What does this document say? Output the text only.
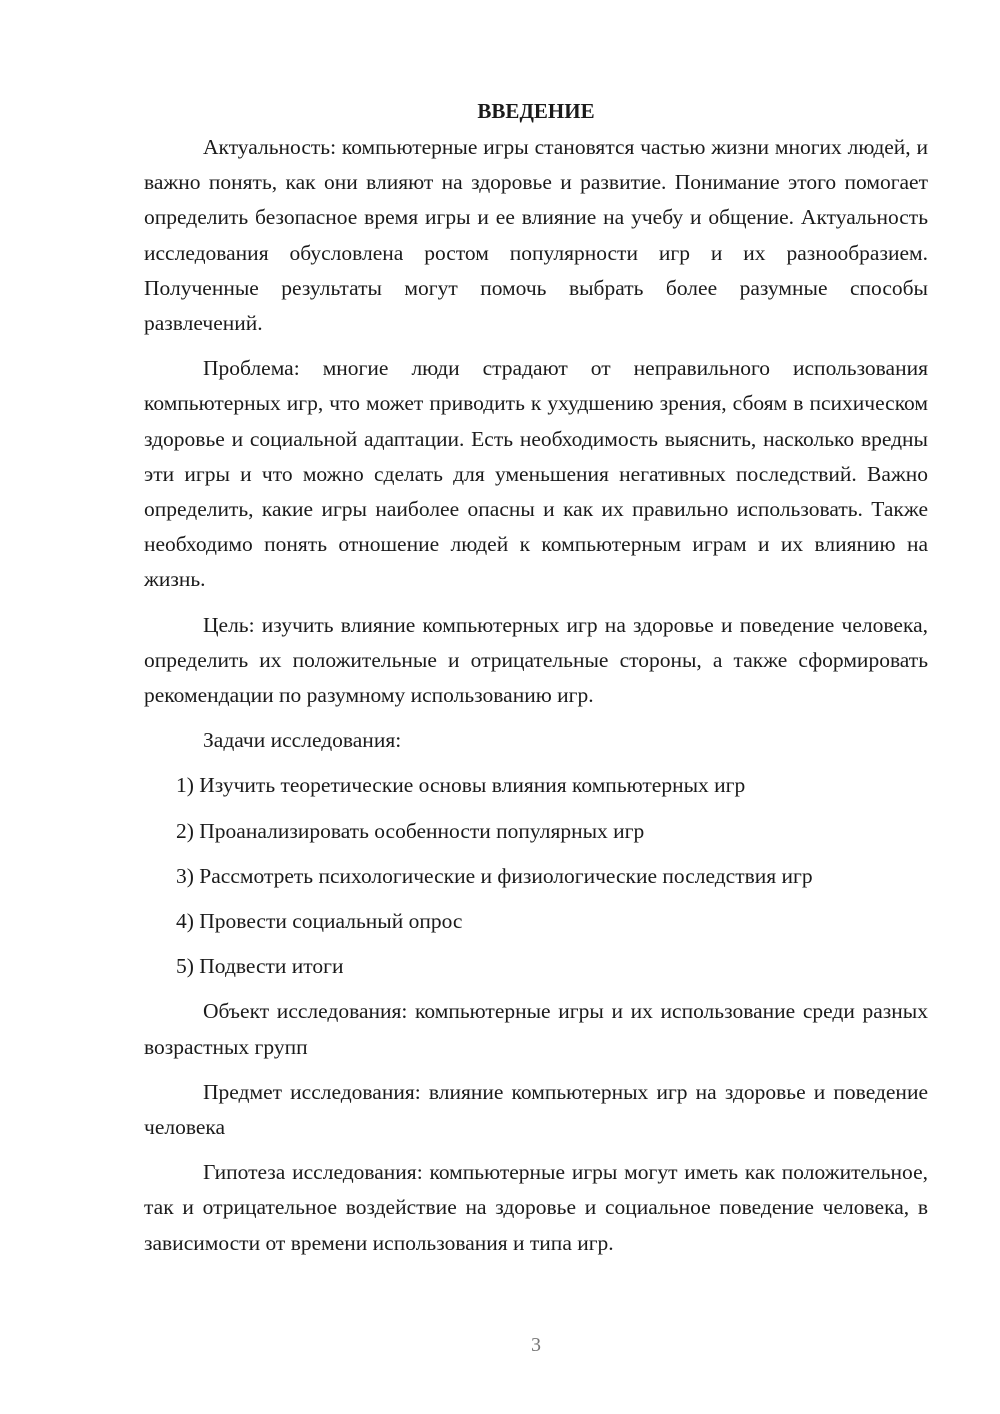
ВВЕДЕНИЕ

Актуальность: компьютерные игры становятся частью жизни многих людей, и важно понять, как они влияют на здоровье и развитие. Понимание этого помогает определить безопасное время игры и ее влияние на учебу и общение. Актуальность исследования обусловлена ростом популярности игр и их разнообразием. Полученные результаты могут помочь выбрать более разумные способы развлечений.

Проблема: многие люди страдают от неправильного использования компьютерных игр, что может приводить к ухудшению зрения, сбоям в психическом здоровье и социальной адаптации. Есть необходимость выяснить, насколько вредны эти игры и что можно сделать для уменьшения негативных последствий. Важно определить, какие игры наиболее опасны и как их правильно использовать. Также необходимо понять отношение людей к компьютерным играм и их влиянию на жизнь.

Цель: изучить влияние компьютерных игр на здоровье и поведение человека, определить их положительные и отрицательные стороны, а также сформировать рекомендации по разумному использованию игр.

Задачи исследования:

1) Изучить теоретические основы влияния компьютерных игр
2) Проанализировать особенности популярных игр
3) Рассмотреть психологические и физиологические последствия игр
4) Провести социальный опрос
5) Подвести итоги

Объект исследования: компьютерные игры и их использование среди разных возрастных групп

Предмет исследования: влияние компьютерных игр на здоровье и поведение человека

Гипотеза исследования: компьютерные игры могут иметь как положительное, так и отрицательное воздействие на здоровье и социальное поведение человека, в зависимости от времени использования и типа игр.

3
